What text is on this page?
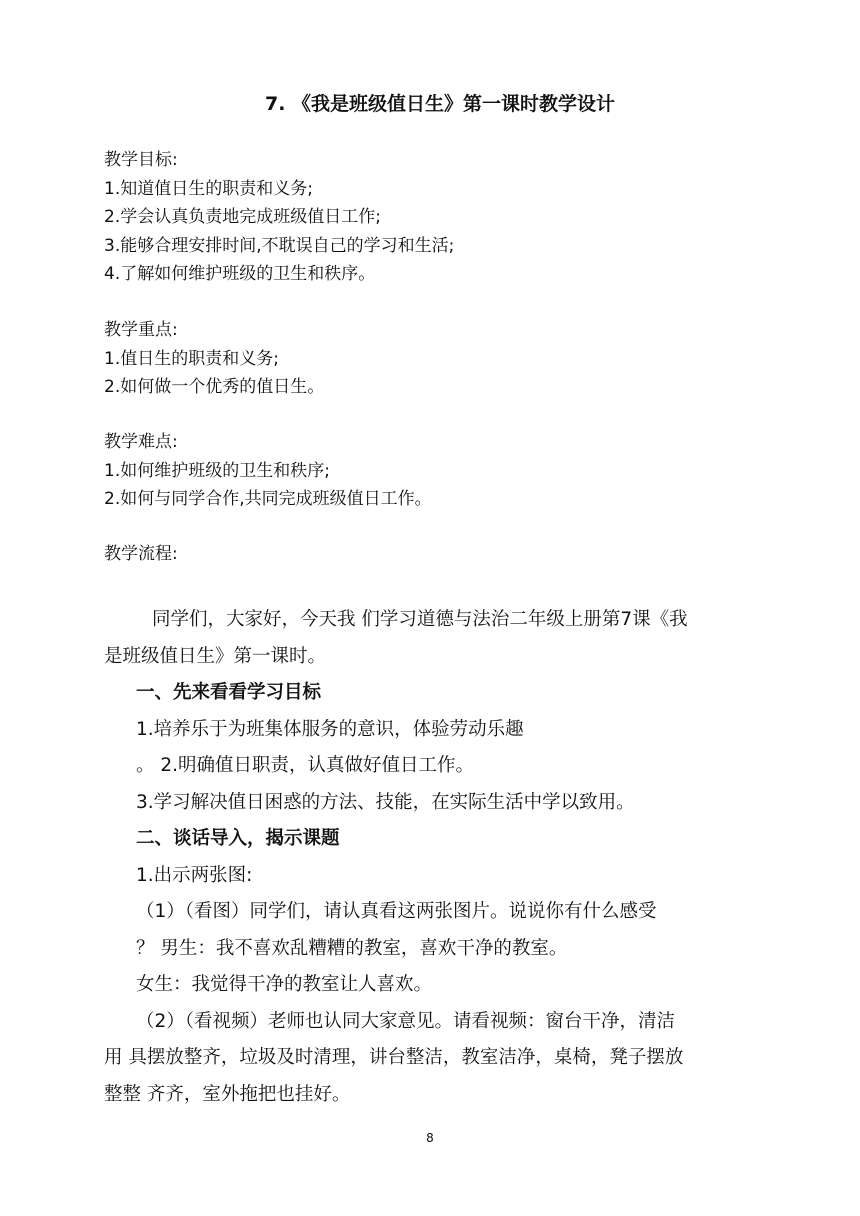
7. 《我是班级值日生》第一课时教学设计
教学目标:
1.知道值日生的职责和义务;
2.学会认真负责地完成班级值日工作;
3.能够合理安排时间,不耽误自己的学习和生活;
4.了解如何维护班级的卫生和秩序。
教学重点:
1.值日生的职责和义务;
2.如何做一个优秀的值日生。
教学难点:
1.如何维护班级的卫生和秩序;
2.如何与同学合作,共同完成班级值日工作。
教学流程:
同学们，大家好，今天我 们学习道德与法治二年级上册第7课《我
是班级值日生》第一课时。
一、先来看看学习目标
1.培养乐于为班集体服务的意识，体验劳动乐趣
。 2.明确值日职责，认真做好值日工作。
3.学习解决值日困惑的方法、技能，在实际生活中学以致用。
二、谈话导入，揭示课题
1.出示两张图:
（1）（看图）同学们，请认真看这两张图片。说说你有什么感受
？ 男生：我不喜欢乱糟糟的教室，喜欢干净的教室。
女生：我觉得干净的教室让人喜欢。
（2）（看视频）老师也认同大家意见。请看视频：窗台干净，清洁
用 具摆放整齐，垃圾及时清理，讲台整洁，教室洁净，桌椅，凳子摆放
整整 齐齐，室外拖把也挂好。
8
